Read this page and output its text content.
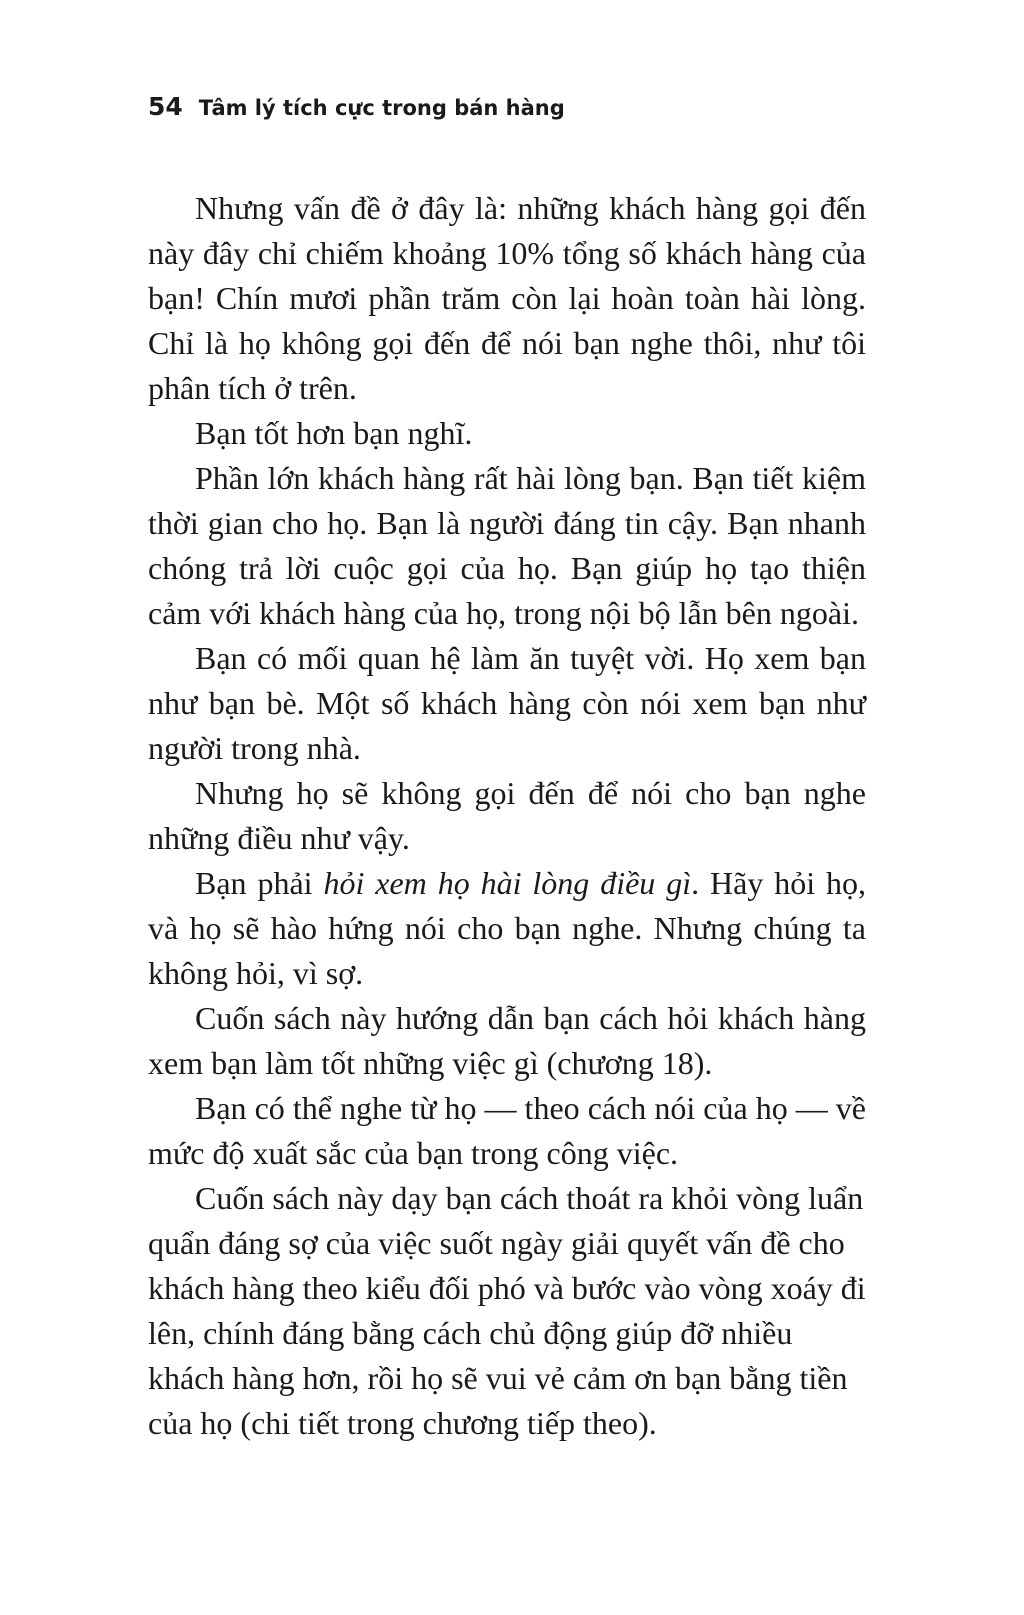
54 Tâm lý tích cực trong bán hàng

Nhưng vấn đề ở đây là: những khách hàng gọi đến này đây chỉ chiếm khoảng 10% tổng số khách hàng của bạn! Chín mươi phần trăm còn lại hoàn toàn hài lòng. Chỉ là họ không gọi đến để nói bạn nghe thôi, như tôi phân tích ở trên.

Bạn tốt hơn bạn nghĩ.

Phần lớn khách hàng rất hài lòng bạn. Bạn tiết kiệm thời gian cho họ. Bạn là người đáng tin cậy. Bạn nhanh chóng trả lời cuộc gọi của họ. Bạn giúp họ tạo thiện cảm với khách hàng của họ, trong nội bộ lẫn bên ngoài.

Bạn có mối quan hệ làm ăn tuyệt vời. Họ xem bạn như bạn bè. Một số khách hàng còn nói xem bạn như người trong nhà.

Nhưng họ sẽ không gọi đến để nói cho bạn nghe những điều như vậy.

Bạn phải hỏi xem họ hài lòng điều gì. Hãy hỏi họ, và họ sẽ hào hứng nói cho bạn nghe. Nhưng chúng ta không hỏi, vì sợ.

Cuốn sách này hướng dẫn bạn cách hỏi khách hàng xem bạn làm tốt những việc gì (chương 18).

Bạn có thể nghe từ họ — theo cách nói của họ — về mức độ xuất sắc của bạn trong công việc.

Cuốn sách này dạy bạn cách thoát ra khỏi vòng luẩn quẩn đáng sợ của việc suốt ngày giải quyết vấn đề cho khách hàng theo kiểu đối phó và bước vào vòng xoáy đi lên, chính đáng bằng cách chủ động giúp đỡ nhiều khách hàng hơn, rồi họ sẽ vui vẻ cảm ơn bạn bằng tiền của họ (chi tiết trong chương tiếp theo).
